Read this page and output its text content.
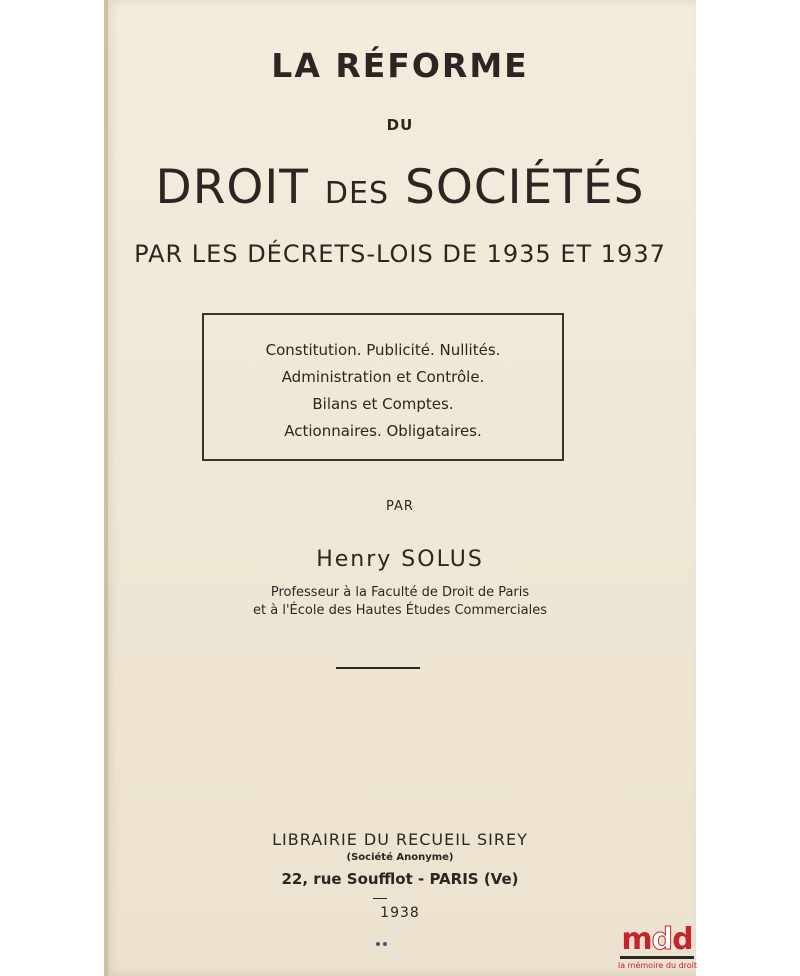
LA RÉFORME
DU
DROIT DES SOCIÉTÉS
PAR LES DÉCRETS-LOIS DE 1935 ET 1937
Constitution. Publicité. Nullités.
Administration et Contrôle.
Bilans et Comptes.
Actionnaires. Obligataires.
PAR
Henry SOLUS
Professeur à la Faculté de Droit de Paris
et à l'École des Hautes Études Commerciales
LIBRAIRIE DU RECUEIL SIREY
(Société Anonyme)
22, rue Soufflot - PARIS (Ve)
1938
mdd
la mémoire du droit
